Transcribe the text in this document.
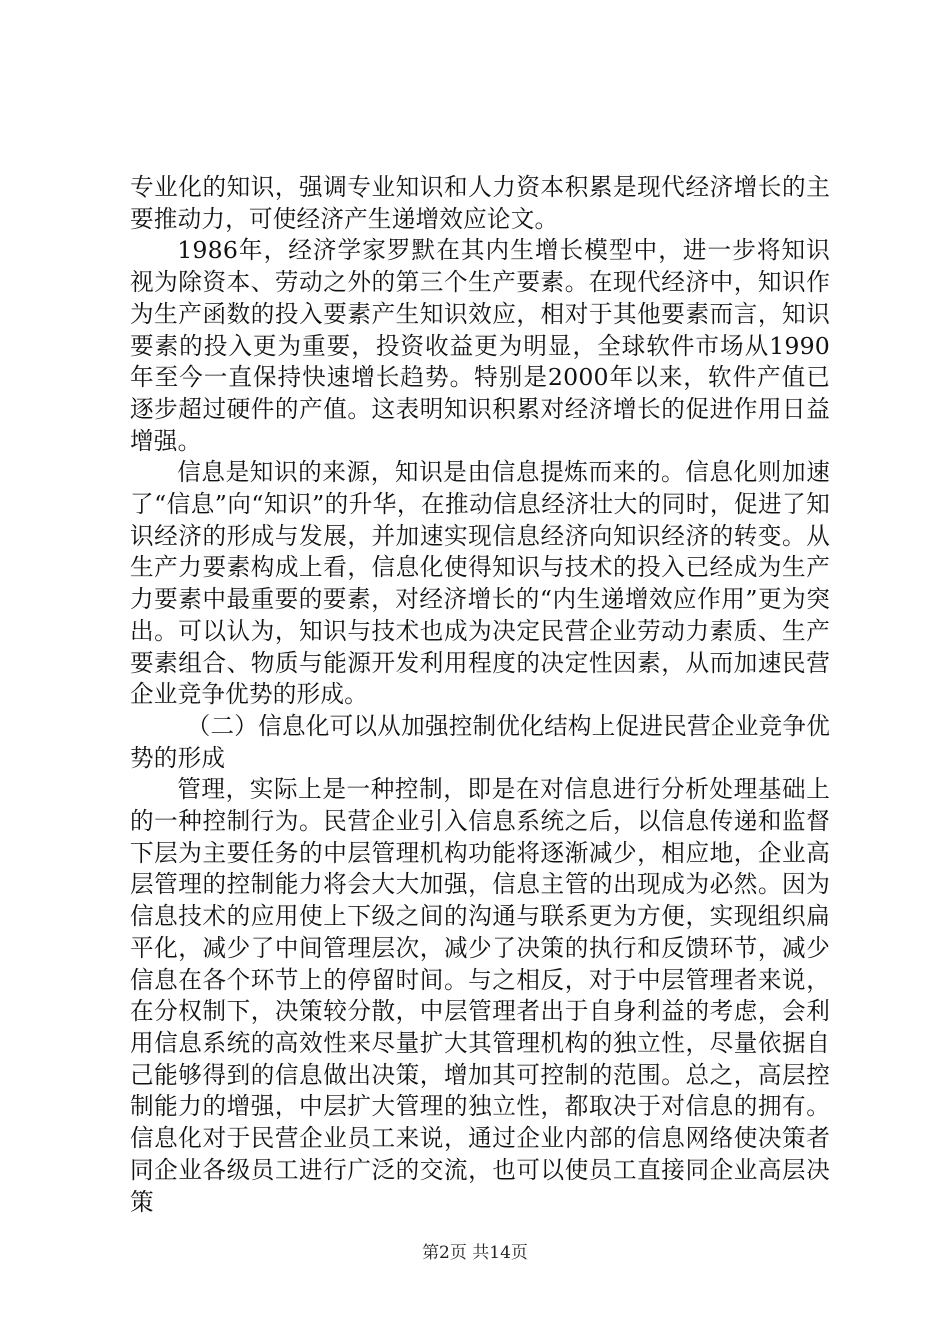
专业化的知识，强调专业知识和人力资本积累是现代经济增长的主要推动力，可使经济产生递增效应论文。

1986年，经济学家罗默在其内生增长模型中，进一步将知识视为除资本、劳动之外的第三个生产要素。在现代经济中，知识作为生产函数的投入要素产生知识效应，相对于其他要素而言，知识要素的投入更为重要，投资收益更为明显，全球软件市场从1990年至今一直保持快速增长趋势。特别是2000年以来，软件产值已逐步超过硬件的产值。这表明知识积累对经济增长的促进作用日益增强。

信息是知识的来源，知识是由信息提炼而来的。信息化则加速了“信息”向“知识”的升华，在推动信息经济壮大的同时，促进了知识经济的形成与发展，并加速实现信息经济向知识经济的转变。从生产力要素构成上看，信息化使得知识与技术的投入已经成为生产力要素中最重要的要素，对经济增长的“内生递增效应作用”更为突出。可以认为，知识与技术也成为决定民营企业劳动力素质、生产要素组合、物质与能源开发利用程度的决定性因素，从而加速民营企业竞争优势的形成。

（二）信息化可以从加强控制优化结构上促进民营企业竞争优势的形成

管理，实际上是一种控制，即是在对信息进行分析处理基础上的一种控制行为。民营企业引入信息系统之后，以信息传递和监督下层为主要任务的中层管理机构功能将逐渐减少，相应地，企业高层管理的控制能力将会大大加强，信息主管的出现成为必然。因为信息技术的应用使上下级之间的沟通与联系更为方便，实现组织扁平化，减少了中间管理层次，减少了决策的执行和反馈环节，减少信息在各个环节上的停留时间。与之相反，对于中层管理者来说，在分权制下，决策较分散，中层管理者出于自身利益的考虑，会利用信息系统的高效性来尽量扩大其管理机构的独立性，尽量依据自己能够得到的信息做出决策，增加其可控制的范围。总之，高层控制能力的增强，中层扩大管理的独立性，都取决于对信息的拥有。信息化对于民营企业员工来说，通过企业内部的信息网络使决策者同企业各级员工进行广泛的交流，也可以使员工直接同企业高层决策

第2页 共14页
